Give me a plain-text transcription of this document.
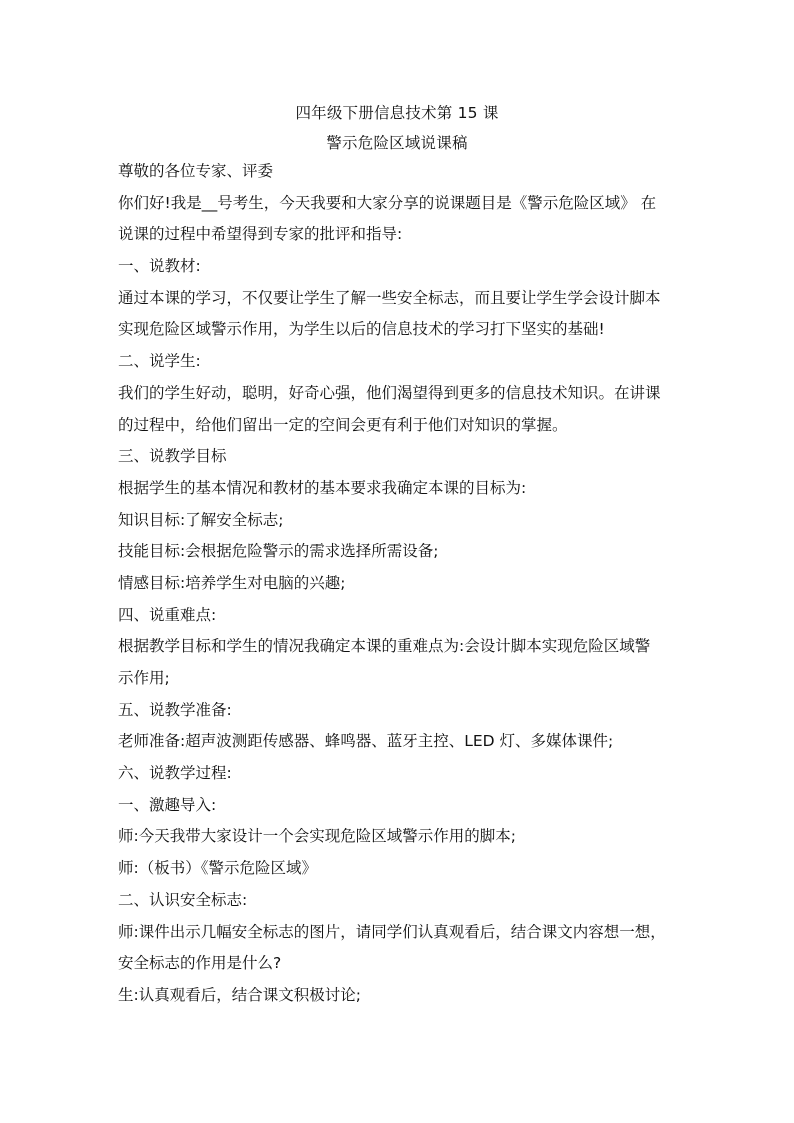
四年级下册信息技术第 15 课
警示危险区域说课稿
尊敬的各位专家、评委
你们好!我是__号考生，今天我要和大家分享的说课题目是《警示危险区域》 在
说课的过程中希望得到专家的批评和指导:
一、说教材:
通过本课的学习，不仅要让学生了解一些安全标志，而且要让学生学会设计脚本
实现危险区域警示作用，为学生以后的信息技术的学习打下坚实的基础!
二、说学生:
我们的学生好动，聪明，好奇心强，他们渴望得到更多的信息技术知识。在讲课
的过程中，给他们留出一定的空间会更有利于他们对知识的掌握。
三、说教学目标
根据学生的基本情况和教材的基本要求我确定本课的目标为:
知识目标:了解安全标志;
技能目标:会根据危险警示的需求选择所需设备;
情感目标:培养学生对电脑的兴趣;
四、说重难点:
根据教学目标和学生的情况我确定本课的重难点为:会设计脚本实现危险区域警
示作用;
五、说教学准备:
老师准备:超声波测距传感器、蜂鸣器、蓝牙主控、LED 灯、多媒体课件;
六、说教学过程:
一、激趣导入:
师:今天我带大家设计一个会实现危险区域警示作用的脚本;
师:（板书）《警示危险区域》
二、认识安全标志:
师:课件出示几幅安全标志的图片，请同学们认真观看后，结合课文内容想一想，
安全标志的作用是什么?
生:认真观看后，结合课文积极讨论;
